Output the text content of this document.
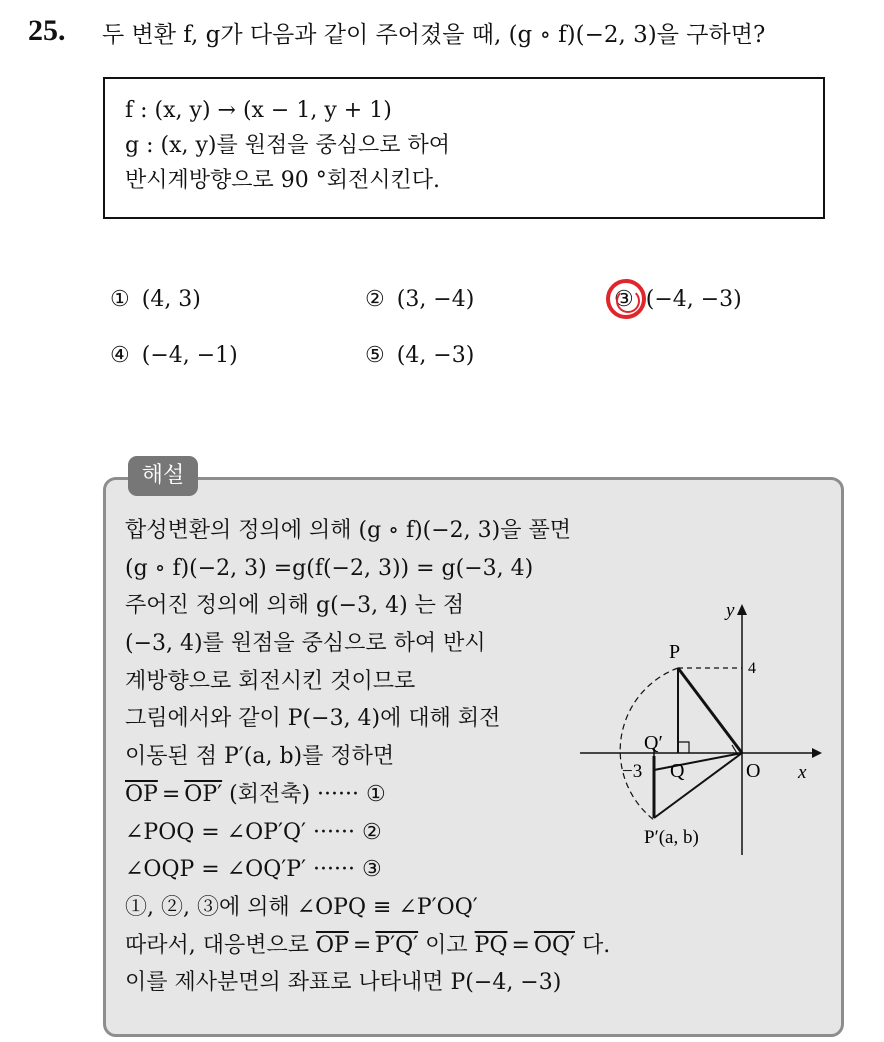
25. 두 변환 f, g가 다음과 같이 주어졌을 때, (g ∘ f)(−2, 3)을 구하면?
f : (x, y) → (x − 1, y + 1)
g : (x, y)를 원점을 중심으로 하여
반시계방향으로 90 °회전시킨다.
① (4, 3)	② (3, −4)	③ (−4, −3)
④ (−4, −1)	⑤ (4, −3)
해설
합성변환의 정의에 의해 (g ∘ f)(−2, 3)을 풀면
(g ∘ f)(−2, 3) =g(f(−2, 3)) = g(−3, 4)
주어진 정의에 의해 g(−3, 4) 는 점
(−3, 4)를 원점을 중심으로 하여 반시
계방향으로 회전시킨 것이므로
그림에서와 같이 P(−3, 4)에 대해 회전
이동된 점 P′(a, b)를 정하면
$\overline{OP} = OP'$ (회전축) ······ ①
∠POQ = ∠OP′Q′ ······ ②
∠OQP = ∠OQ′P′ ······ ③
①, ②, ③에 의해 ∠OPQ ≡ ∠P′OQ′
따라서, 대응변으로 $\overline{OP} = P'Q'$ 이고 $\overline{PQ} = OQ'$ 다.
이를 제사분면의 좌표로 나타내면 P(−4, −3)
y
x
O
P
4
Q′
−3 Q
P′(a, b)
